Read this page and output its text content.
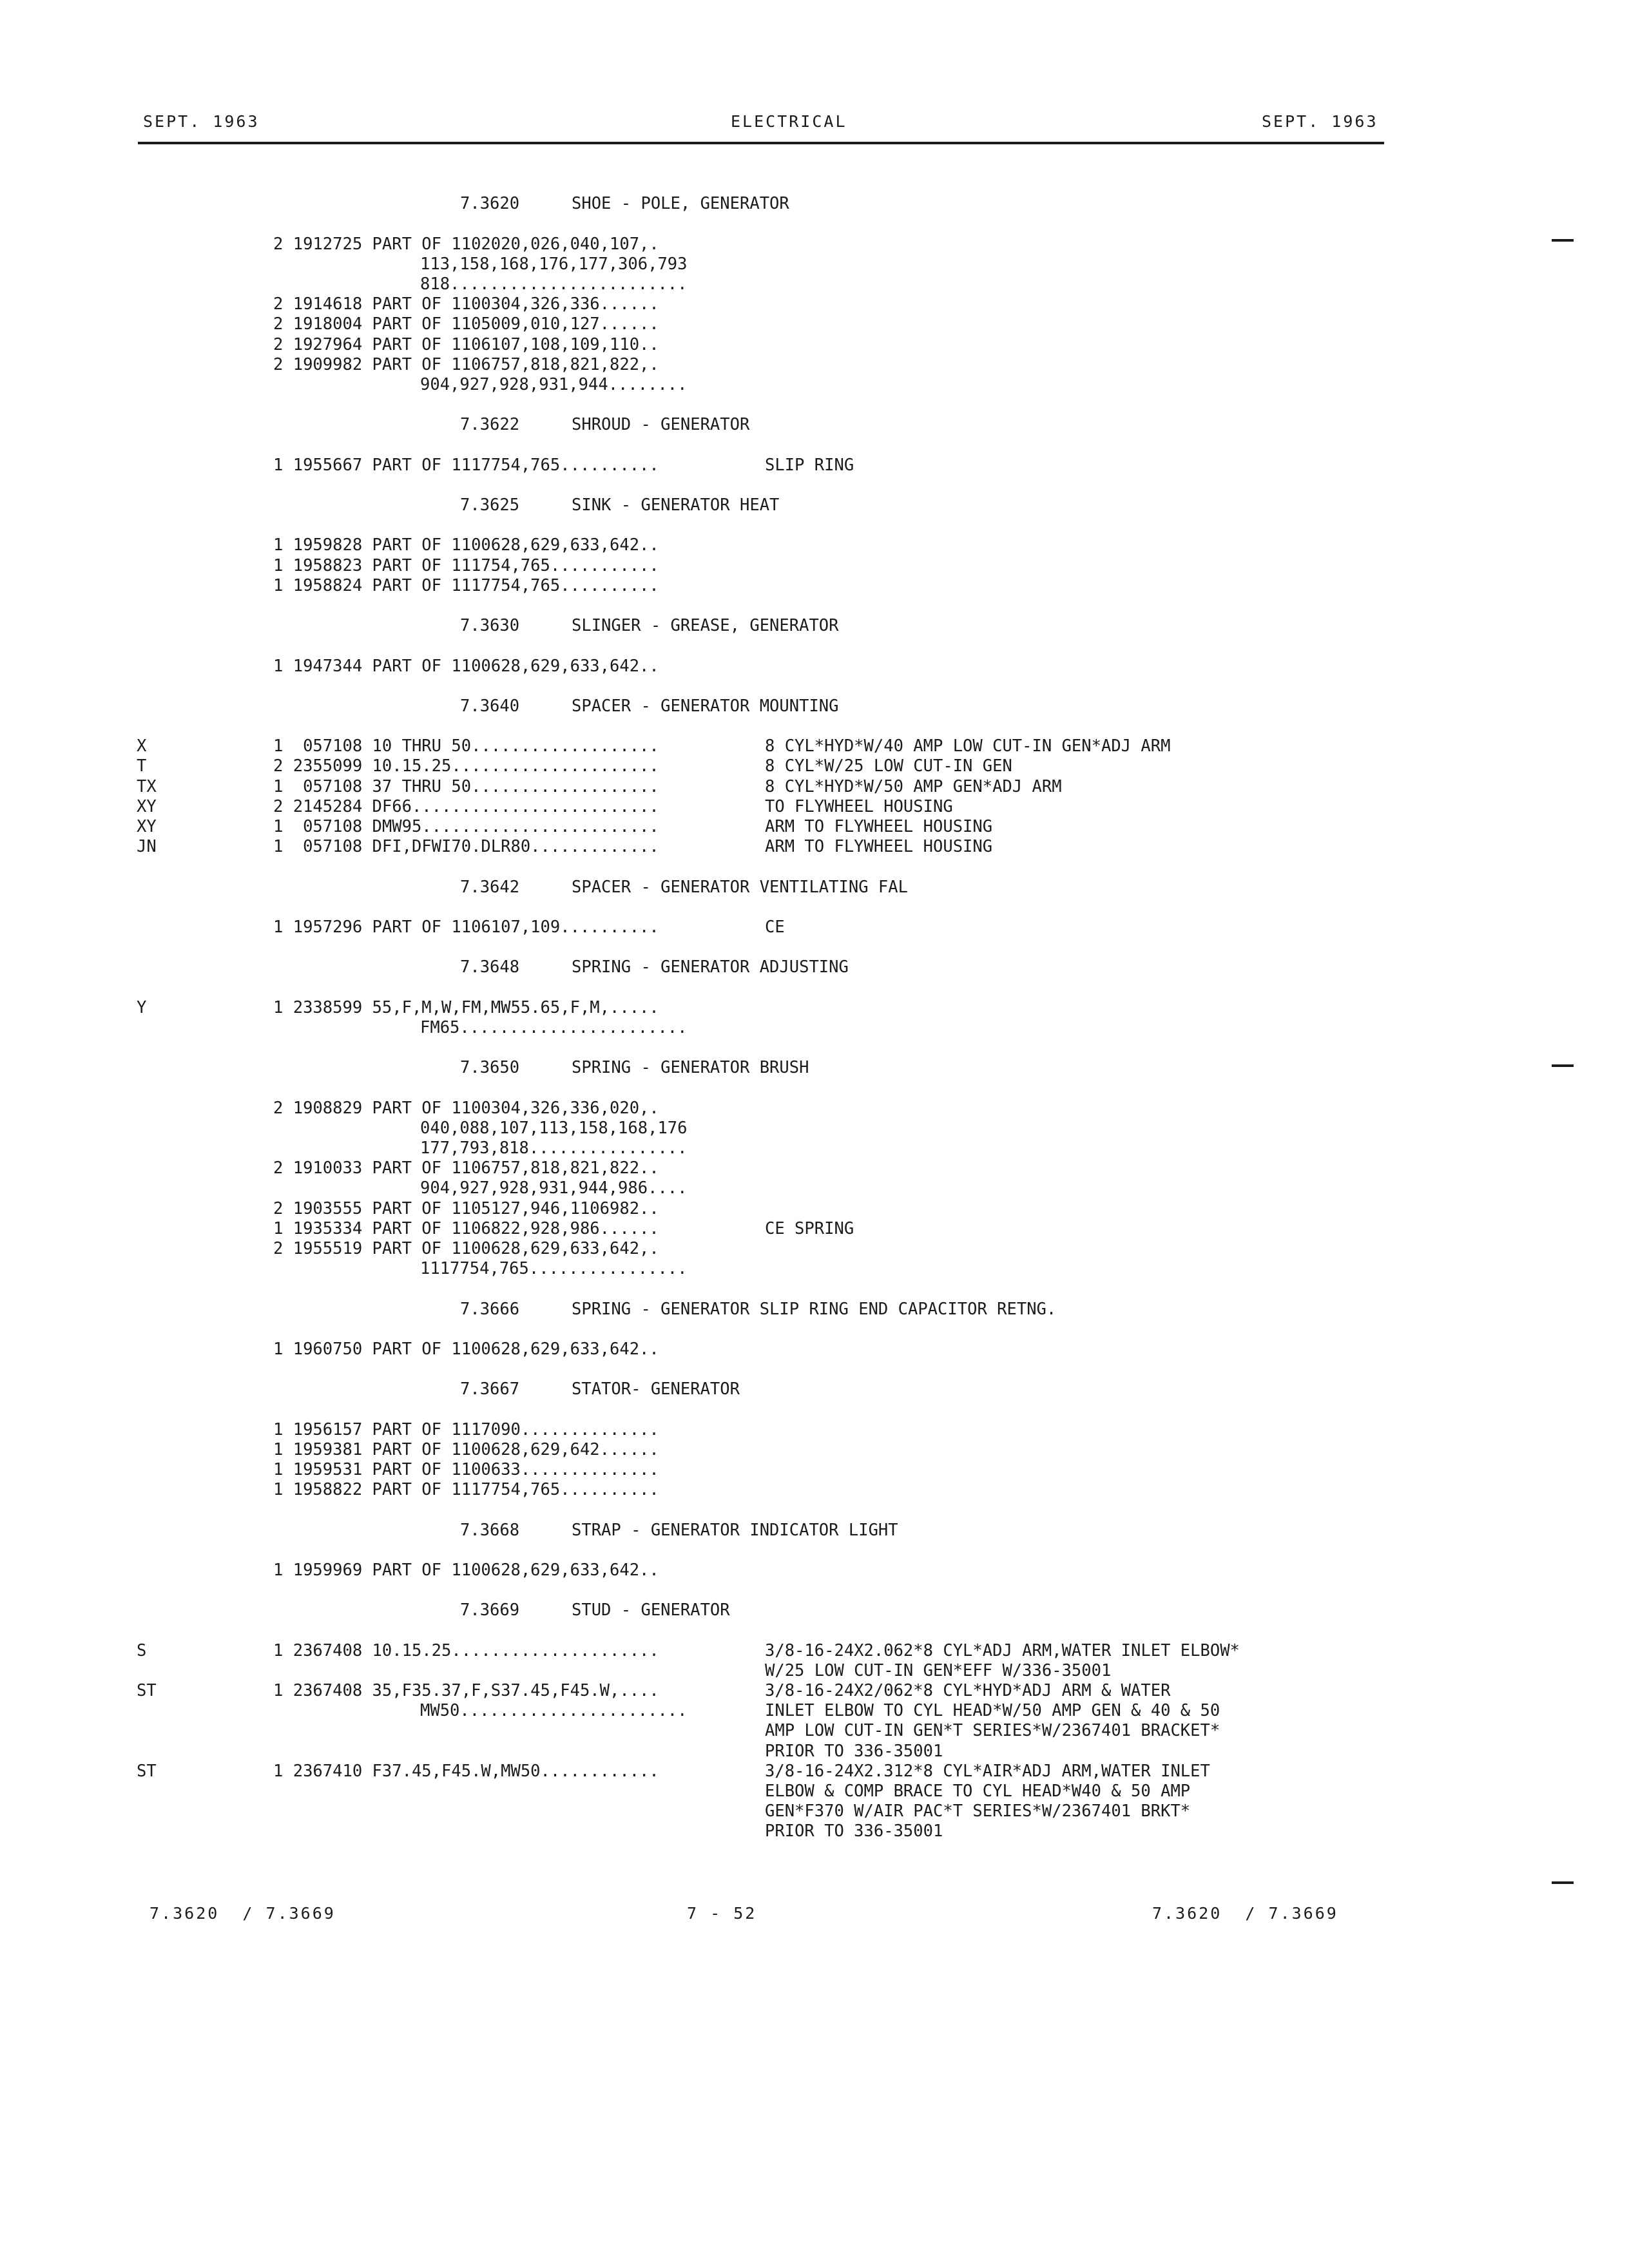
SEPT. 1963	ELECTRICAL	SEPT. 1963
7.3620	SHOE - POLE, GENERATOR
2 1912725 PART OF 1102020,026,040,107,.
113,158,168,176,177,306,793
818........................
2 1914618 PART OF 1100304,326,336......
2 1918004 PART OF 1105009,010,127......
2 1927964 PART OF 1106107,108,109,110..
2 1909982 PART OF 1106757,818,821,822,.
904,927,928,931,944........
7.3622	SHROUD - GENERATOR
1 1955667 PART OF 1117754,765..........	SLIP RING
7.3625	SINK - GENERATOR HEAT
1 1959828 PART OF 1100628,629,633,642..
1 1958823 PART OF 111754,765...........
1 1958824 PART OF 1117754,765..........
7.3630	SLINGER - GREASE, GENERATOR
1 1947344 PART OF 1100628,629,633,642..
7.3640	SPACER - GENERATOR MOUNTING
X	1  057108 10 THRU 50...................	8 CYL*HYD*W/40 AMP LOW CUT-IN GEN*ADJ ARM
T	2 2355099 10.15.25.....................	8 CYL*W/25 LOW CUT-IN GEN
TX	1  057108 37 THRU 50...................	8 CYL*HYD*W/50 AMP GEN*ADJ ARM
XY	2 2145284 DF66.........................	TO FLYWHEEL HOUSING
XY	1  057108 DMW95........................	ARM TO FLYWHEEL HOUSING
JN	1  057108 DFI,DFWI70.DLR80.............	ARM TO FLYWHEEL HOUSING
7.3642	SPACER - GENERATOR VENTILATING FAL
1 1957296 PART OF 1106107,109..........	CE
7.3648	SPRING - GENERATOR ADJUSTING
Y	1 2338599 55,F,M,W,FM,MW55.65,F,M,.....
FM65.......................
7.3650	SPRING - GENERATOR BRUSH
2 1908829 PART OF 1100304,326,336,020,.
040,088,107,113,158,168,176
177,793,818................
2 1910033 PART OF 1106757,818,821,822..
904,927,928,931,944,986....
2 1903555 PART OF 1105127,946,1106982..
1 1935334 PART OF 1106822,928,986......	CE SPRING
2 1955519 PART OF 1100628,629,633,642,.
1117754,765................
7.3666	SPRING - GENERATOR SLIP RING END CAPACITOR RETNG.
1 1960750 PART OF 1100628,629,633,642..
7.3667	STATOR- GENERATOR
1 1956157 PART OF 1117090..............
1 1959381 PART OF 1100628,629,642......
1 1959531 PART OF 1100633..............
1 1958822 PART OF 1117754,765..........
7.3668	STRAP - GENERATOR INDICATOR LIGHT
1 1959969 PART OF 1100628,629,633,642..
7.3669	STUD - GENERATOR
S	1 2367408 10.15.25.....................	3/8-16-24X2.062*8 CYL*ADJ ARM,WATER INLET ELBOW*
W/25 LOW CUT-IN GEN*EFF W/336-35001
ST	1 2367408 35,F35.37,F,S37.45,F45.W,....	3/8-16-24X2/062*8 CYL*HYD*ADJ ARM & WATER
MW50.......................	INLET ELBOW TO CYL HEAD*W/50 AMP GEN & 40 & 50
AMP LOW CUT-IN GEN*T SERIES*W/2367401 BRACKET*
PRIOR TO 336-35001
ST	1 2367410 F37.45,F45.W,MW50............	3/8-16-24X2.312*8 CYL*AIR*ADJ ARM,WATER INLET
ELBOW & COMP BRACE TO CYL HEAD*W40 & 50 AMP
GEN*F370 W/AIR PAC*T SERIES*W/2367401 BRKT*
PRIOR TO 336-35001
7.3620  / 7.3669	7 - 52	7.3620  / 7.3669
